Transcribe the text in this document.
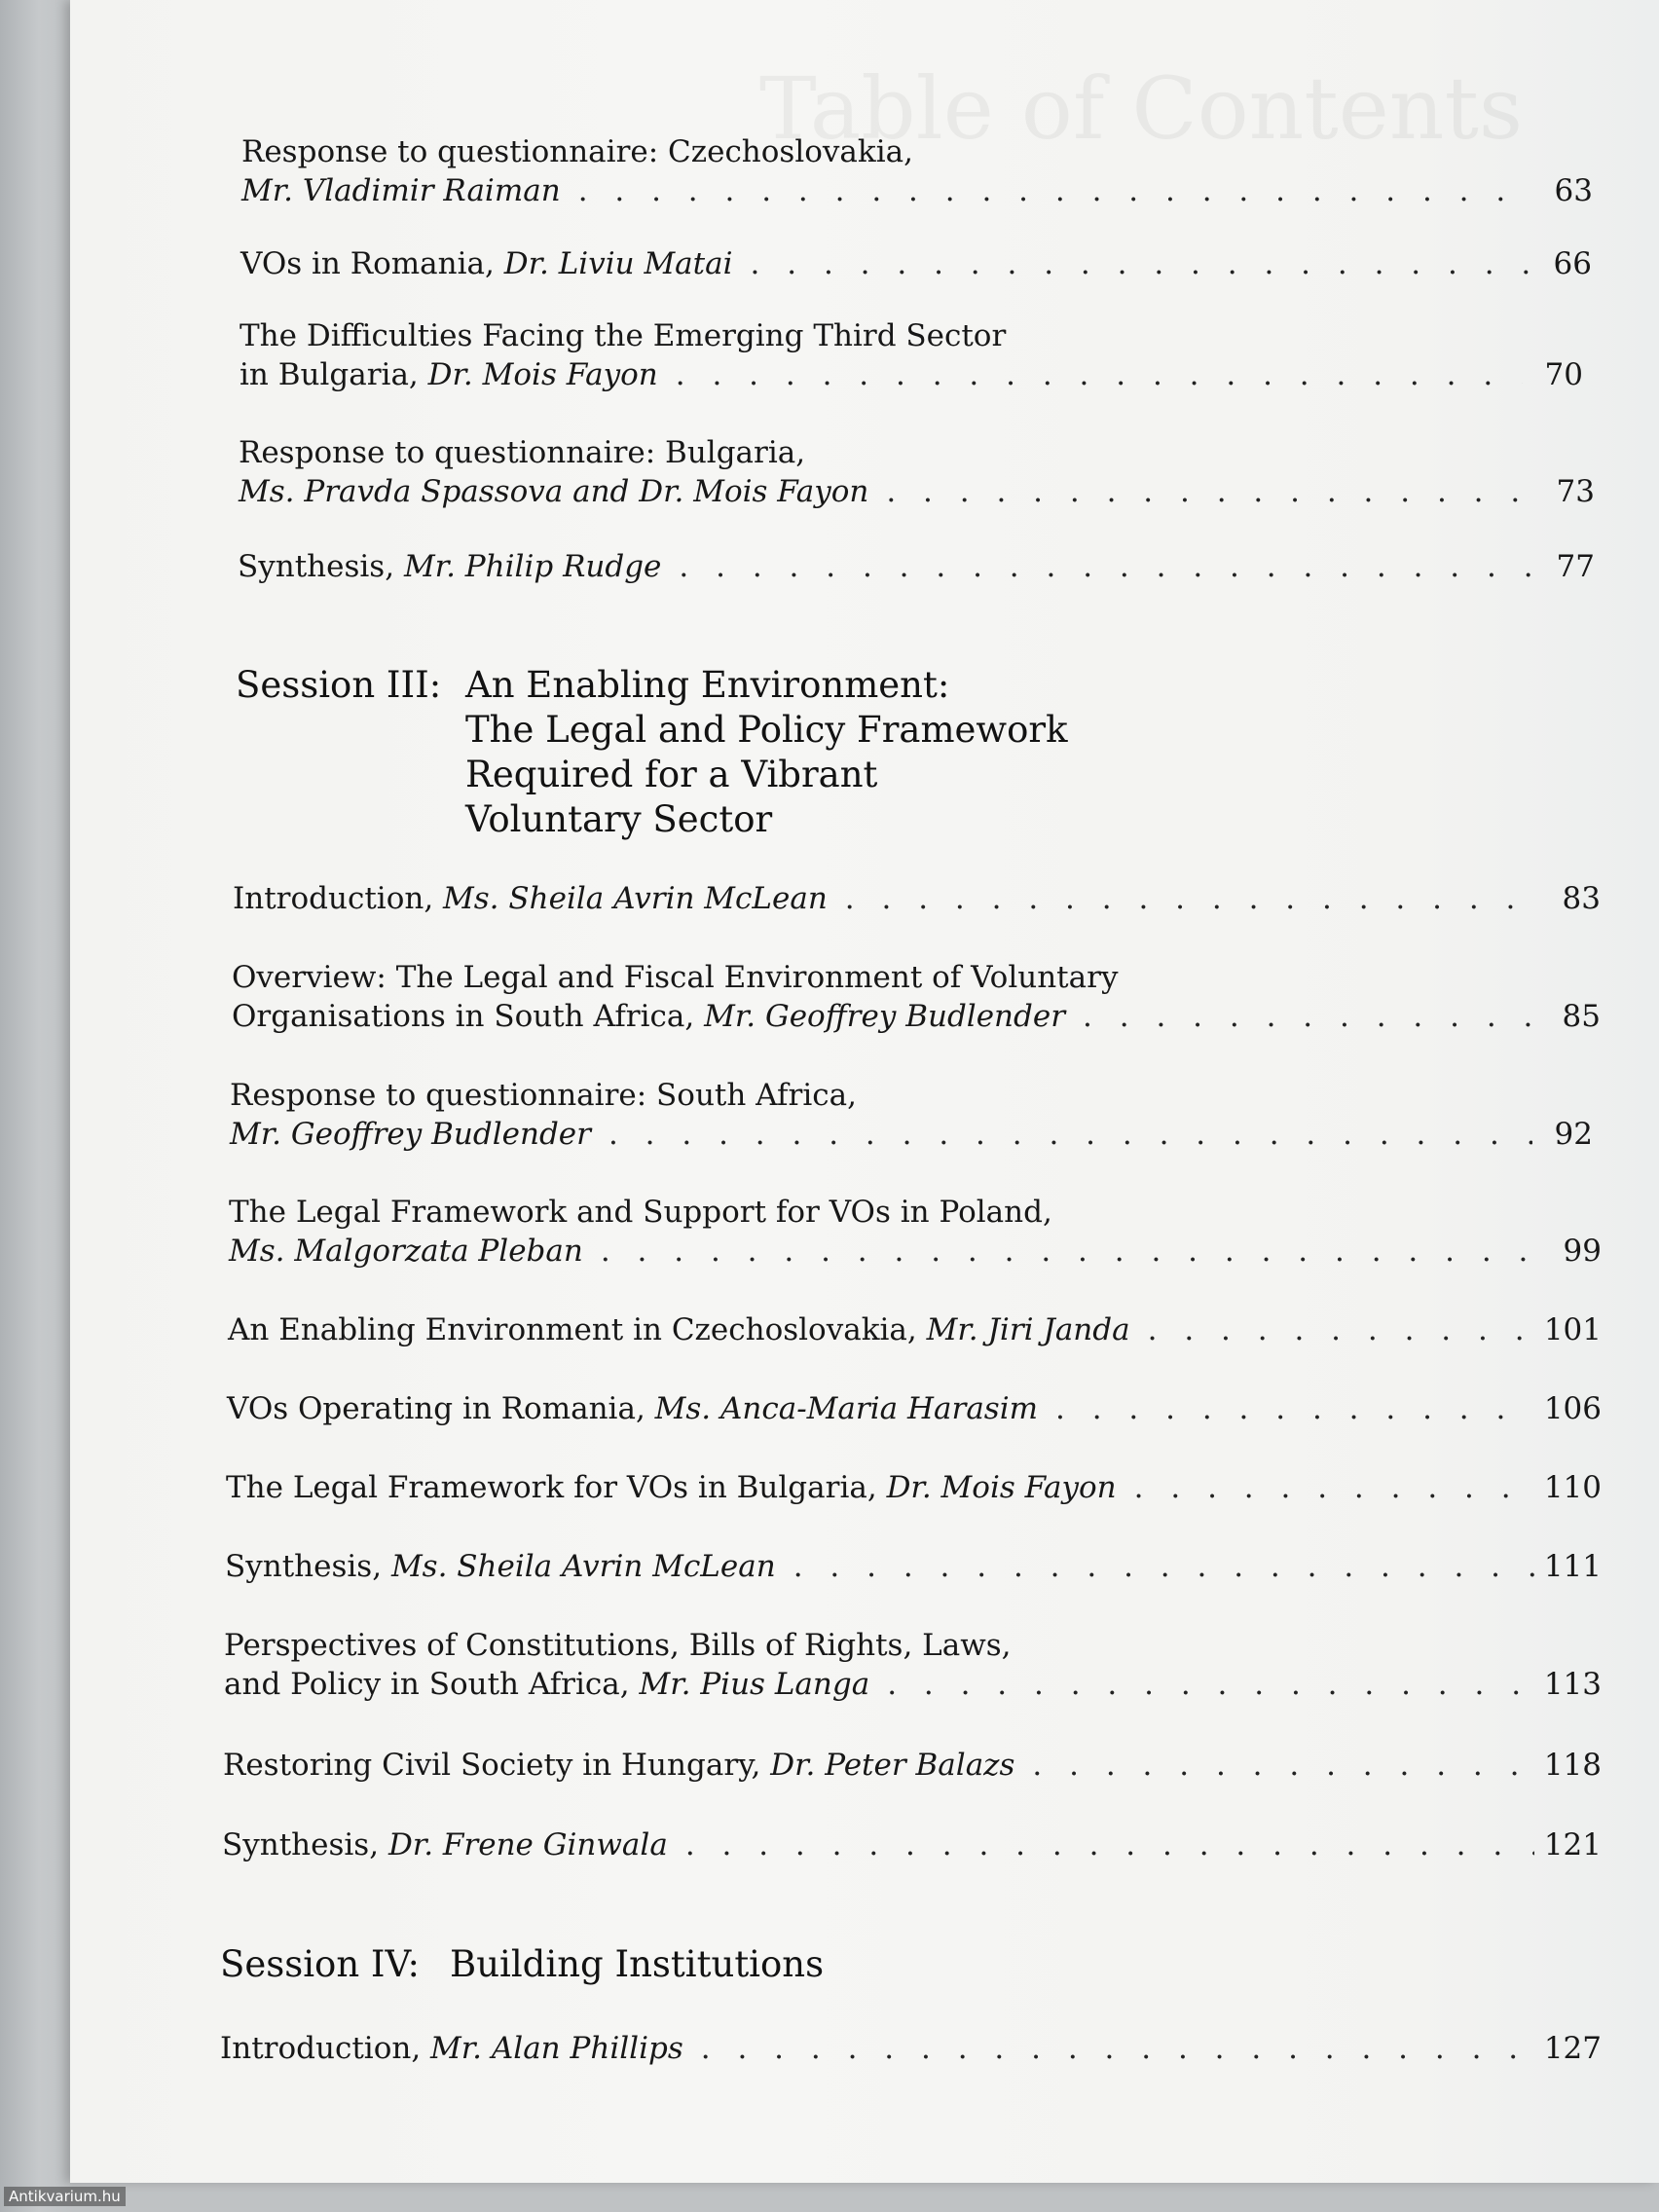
Response to questionnaire: Czechoslovakia,
Mr. Vladimir Raiman . . .	63
VOs in Romania, Dr. Liviu Matai . . .	66
The Difficulties Facing the Emerging Third Sector
in Bulgaria, Dr. Mois Fayon . . .	70
Response to questionnaire: Bulgaria,
Ms. Pravda Spassova and Dr. Mois Fayon . . .	73
Synthesis, Mr. Philip Rudge . . .	77
Session III: An Enabling Environment:
The Legal and Policy Framework
Required for a Vibrant
Voluntary Sector
Introduction, Ms. Sheila Avrin McLean . . .	83
Overview: The Legal and Fiscal Environment of Voluntary
Organisations in South Africa, Mr. Geoffrey Budlender . . .	85
Response to questionnaire: South Africa,
Mr. Geoffrey Budlender . . .	92
The Legal Framework and Support for VOs in Poland,
Ms. Malgorzata Pleban . . .	99
An Enabling Environment in Czechoslovakia, Mr. Jiri Janda . . .	101
VOs Operating in Romania, Ms. Anca-Maria Harasim . . .	106
The Legal Framework for VOs in Bulgaria, Dr. Mois Fayon . . .	110
Synthesis, Ms. Sheila Avrin McLean . . .	111
Perspectives of Constitutions, Bills of Rights, Laws,
and Policy in South Africa, Mr. Pius Langa . . .	113
Restoring Civil Society in Hungary, Dr. Peter Balazs . . .	118
Synthesis, Dr. Frene Ginwala . . .	121
Session IV: Building Institutions
Introduction, Mr. Alan Phillips . . .	127
Antikvarium.hu
